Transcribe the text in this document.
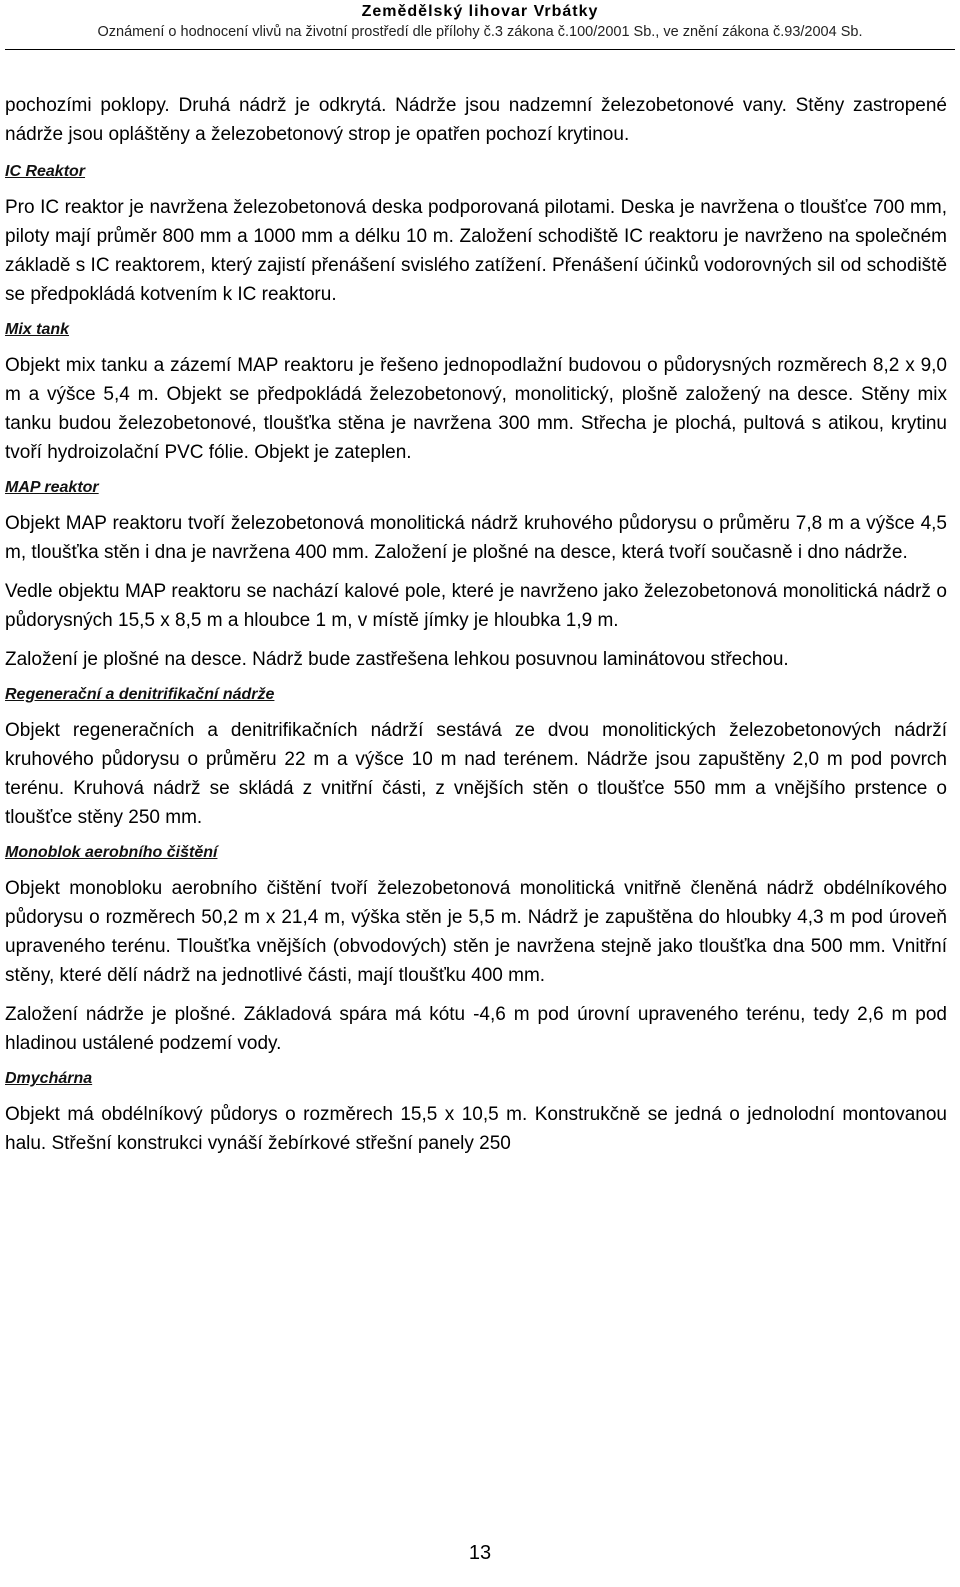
Zemědělský lihovar Vrbátky
Oznámení o hodnocení vlivů na životní prostředí dle přílohy č.3 zákona č.100/2001 Sb., ve znění zákona č.93/2004 Sb.

pochozími poklopy. Druhá nádrž je odkrytá. Nádrže jsou nadzemní železobetonové vany. Stěny zastropené nádrže jsou opláštěny a železobetonový strop je opatřen pochozí krytinou.

IC Reaktor

Pro IC reaktor je navržena železobetonová deska podporovaná pilotami. Deska je navržena o tloušťce 700 mm, piloty mají průměr 800 mm a 1000 mm a délku 10 m. Založení schodiště IC reaktoru je navrženo na společném základě s IC reaktorem, který zajistí přenášení svislého zatížení. Přenášení účinků vodorovných sil od schodiště se předpokládá kotvením k IC reaktoru.

Mix tank

Objekt mix tanku a zázemí MAP reaktoru je řešeno jednopodlažní budovou o půdorysných rozměrech 8,2 x 9,0 m a výšce 5,4 m. Objekt se předpokládá železobetonový, monolitický, plošně založený na desce. Stěny mix tanku budou železobetonové, tloušťka stěna je navržena 300 mm. Střecha je plochá, pultová s atikou, krytinu tvoří hydroizolační PVC fólie. Objekt je zateplen.

MAP reaktor

Objekt MAP reaktoru tvoří železobetonová monolitická nádrž kruhového půdorysu o průměru 7,8 m a výšce 4,5 m, tloušťka stěn i dna je navržena 400 mm. Založení je plošné na desce, která tvoří současně i dno nádrže.

Vedle objektu MAP reaktoru se nachází kalové pole, které je navrženo jako železobetonová monolitická nádrž o půdorysných 15,5 x 8,5 m a hloubce 1 m, v místě jímky je hloubka 1,9 m.

Založení je plošné na desce. Nádrž bude zastřešena lehkou posuvnou laminátovou střechou.

Regenerační a denitrifikační nádrže

Objekt regeneračních a denitrifikačních nádrží sestává ze dvou monolitických železobetonových nádrží kruhového půdorysu o průměru 22 m a výšce 10 m nad terénem. Nádrže jsou zapuštěny 2,0 m pod povrch terénu. Kruhová nádrž se skládá z vnitřní části, z vnějších stěn o tloušťce 550 mm a vnějšího prstence o tloušťce stěny 250 mm.

Monoblok aerobního čištění

Objekt monobloku aerobního čištění tvoří železobetonová monolitická vnitřně členěná nádrž obdélníkového půdorysu o rozměrech 50,2 m x 21,4 m, výška stěn je 5,5 m. Nádrž je zapuštěna do hloubky 4,3 m pod úroveň upraveného terénu. Tloušťka vnějších (obvodových) stěn je navržena stejně jako tloušťka dna 500 mm. Vnitřní stěny, které dělí nádrž na jednotlivé části, mají tloušťku 400 mm.

Založení nádrže je plošné. Základová spára má kótu -4,6 m pod úrovní upraveného terénu, tedy 2,6 m pod hladinou ustálené podzemí vody.

Dmychárna

Objekt má obdélníkový půdorys o rozměrech 15,5 x 10,5 m. Konstrukčně se jedná o jednolodní montovanou halu. Střešní konstrukci vynáší žebírkové střešní panely 250

13
